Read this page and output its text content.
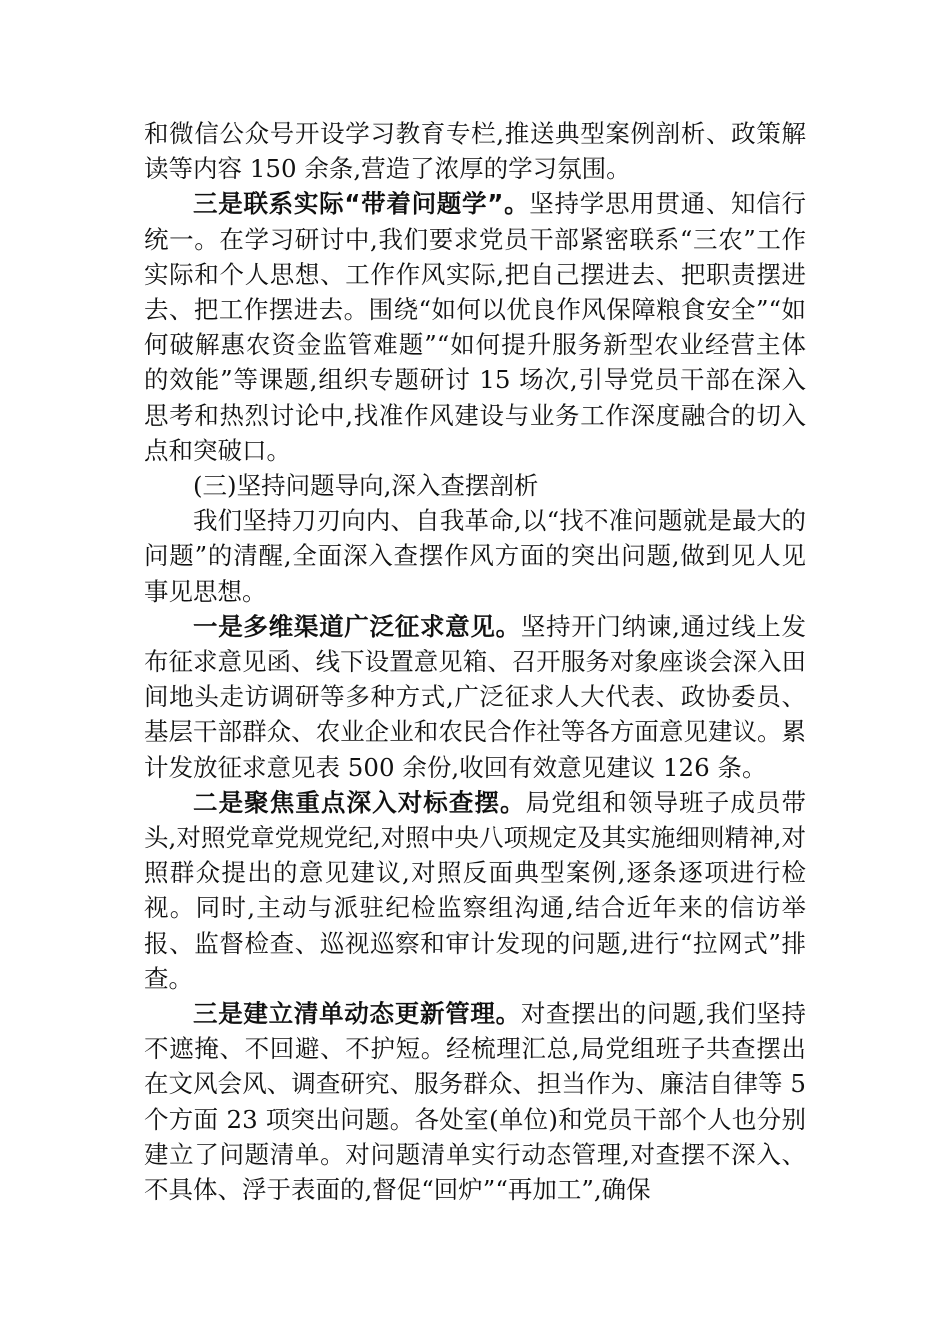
和微信公众号开设学习教育专栏,推送典型案例剖析、政策解读等内容 150 余条,营造了浓厚的学习氛围。

三是联系实际“带着问题学”。坚持学思用贯通、知信行统一。在学习研讨中,我们要求党员干部紧密联系“三农”工作实际和个人思想、工作作风实际,把自己摆进去、把职责摆进去、把工作摆进去。围绕“如何以优良作风保障粮食安全”“如何破解惠农资金监管难题”“如何提升服务新型农业经营主体的效能”等课题,组织专题研讨 15 场次,引导党员干部在深入思考和热烈讨论中,找准作风建设与业务工作深度融合的切入点和突破口。

(三)坚持问题导向,深入查摆剖析

我们坚持刀刃向内、自我革命,以“找不准问题就是最大的问题”的清醒,全面深入查摆作风方面的突出问题,做到见人见事见思想。

一是多维渠道广泛征求意见。坚持开门纳谏,通过线上发布征求意见函、线下设置意见箱、召开服务对象座谈会深入田间地头走访调研等多种方式,广泛征求人大代表、政协委员、基层干部群众、农业企业和农民合作社等各方面意见建议。累计发放征求意见表 500 余份,收回有效意见建议 126 条。

二是聚焦重点深入对标查摆。局党组和领导班子成员带头,对照党章党规党纪,对照中央八项规定及其实施细则精神,对照群众提出的意见建议,对照反面典型案例,逐条逐项进行检视。同时,主动与派驻纪检监察组沟通,结合近年来的信访举报、监督检查、巡视巡察和审计发现的问题,进行“拉网式”排查。

三是建立清单动态更新管理。对查摆出的问题,我们坚持不遮掩、不回避、不护短。经梳理汇总,局党组班子共查摆出在文风会风、调查研究、服务群众、担当作为、廉洁自律等 5 个方面 23 项突出问题。各处室(单位)和党员干部个人也分别建立了问题清单。对问题清单实行动态管理,对查摆不深入、不具体、浮于表面的,督促“回炉”“再加工”,确保
